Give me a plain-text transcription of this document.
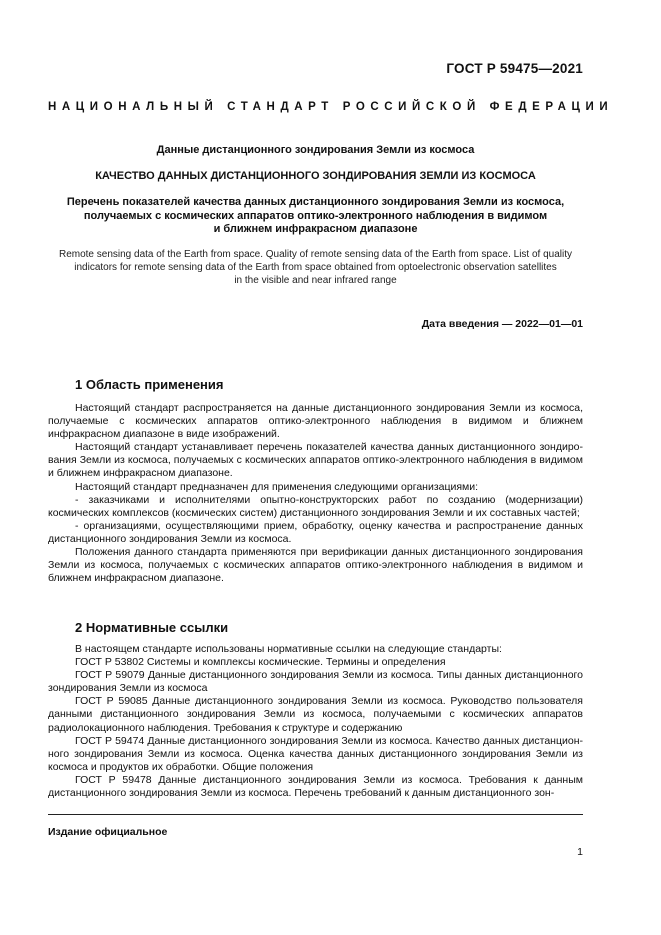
ГОСТ Р 59475—2021
НАЦИОНАЛЬНЫЙ СТАНДАРТ РОССИЙСКОЙ ФЕДЕРАЦИИ
Данные дистанционного зондирования Земли из космоса
КАЧЕСТВО ДАННЫХ ДИСТАНЦИОННОГО ЗОНДИРОВАНИЯ ЗЕМЛИ ИЗ КОСМОСА
Перечень показателей качества данных дистанционного зондирования Земли из космоса,
получаемых с космических аппаратов оптико-электронного наблюдения в видимом
и ближнем инфракрасном диапазоне
Remote sensing data of the Earth from space. Quality of remote sensing data of the Earth from space. List of quality
indicators for remote sensing data of the Earth from space obtained from optoelectronic observation satellites
in the visible and near infrared range
Дата введения — 2022—01—01
1 Область применения

Настоящий стандарт распространяется на данные дистанционного зондирования Земли из космоса, получаемые с космических аппаратов оптико-электронного наблюдения в видимом и ближнем инфракрасном диапазоне в виде изображений.

Настоящий стандарт устанавливает перечень показателей качества данных дистанционного зондирования Земли из космоса, получаемых с космических аппаратов оптико-электронного наблюдения в видимом и ближнем инфракрасном диапазоне.

Настоящий стандарт предназначен для применения следующими организациями:

- заказчиками и исполнителями опытно-конструкторских работ по созданию (модернизации) космических комплексов (космических систем) дистанционного зондирования Земли и их составных частей;

- организациями, осуществляющими прием, обработку, оценку качества и распространение данных дистанционного зондирования Земли из космоса.

Положения данного стандарта применяются при верификации данных дистанционного зондирования Земли из космоса, получаемых с космических аппаратов оптико-электронного наблюдения в видимом и ближнем инфракрасном диапазоне.

2 Нормативные ссылки

В настоящем стандарте использованы нормативные ссылки на следующие стандарты:

ГОСТ Р 53802 Системы и комплексы космические. Термины и определения

ГОСТ Р 59079 Данные дистанционного зондирования Земли из космоса. Типы данных дистанционного зондирования Земли из космоса

ГОСТ Р 59085 Данные дистанционного зондирования Земли из космоса. Руководство пользователя данными дистанционного зондирования Земли из космоса, получаемыми с космических аппаратов радиолокационного наблюдения. Требования к структуре и содержанию

ГОСТ Р 59474 Данные дистанционного зондирования Земли из космоса. Качество данных дистанционного зондирования Земли из космоса. Оценка качества данных дистанционного зондирования Земли из космоса и продуктов их обработки. Общие положения

ГОСТ Р 59478 Данные дистанционного зондирования Земли из космоса. Требования к данным дистанционного зондирования Земли из космоса. Перечень требований к данным дистанционного зон-

Издание официальное
1
